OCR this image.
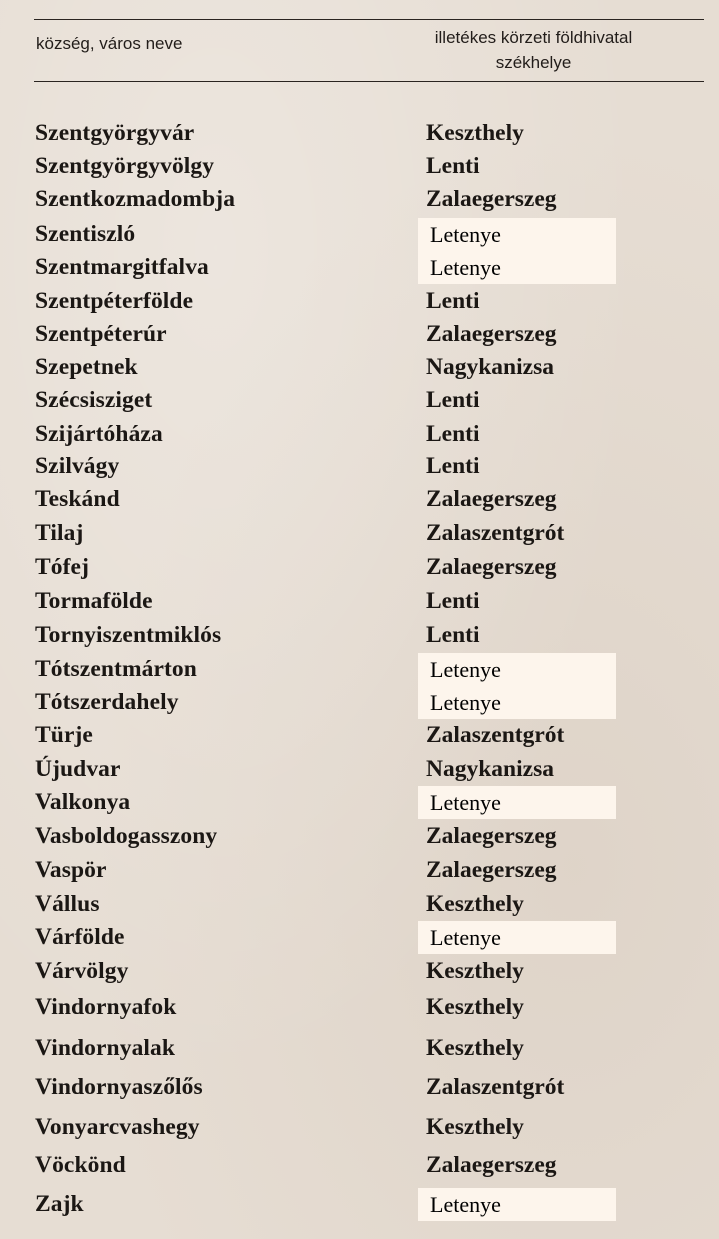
község, város neve	illetékes körzeti földhivatal
székhelye
Szentgyörgyvár	Keszthely
Szentgyörgyvölgy	Lenti
Szentkozmadombja	Zalaegerszeg
Szentiszló	Letenye
Szentmargitfalva	Letenye
Szentpéterfölde	Lenti
Szentpéterúr	Zalaegerszeg
Szepetnek	Nagykanizsa
Szécsisziget	Lenti
Szijártóháza	Lenti
Szilvágy	Lenti
Teskánd	Zalaegerszeg
Tilaj	Zalaszentgrót
Tófej	Zalaegerszeg
Tormafölde	Lenti
Tornyiszentmiklós	Lenti
Tótszentmárton	Letenye
Tótszerdahely	Letenye
Türje	Zalaszentgrót
Újudvar	Nagykanizsa
Valkonya	Letenye
Vasboldogasszony	Zalaegerszeg
Vaspör	Zalaegerszeg
Vállus	Keszthely
Várfölde	Letenye
Várvölgy	Keszthely
Vindornyafok	Keszthely
Vindornyalak	Keszthely
Vindornyaszőlős	Zalaszentgrót
Vonyarcvashegy	Keszthely
Vöckönd	Zalaegerszeg
Zajk	Letenye
